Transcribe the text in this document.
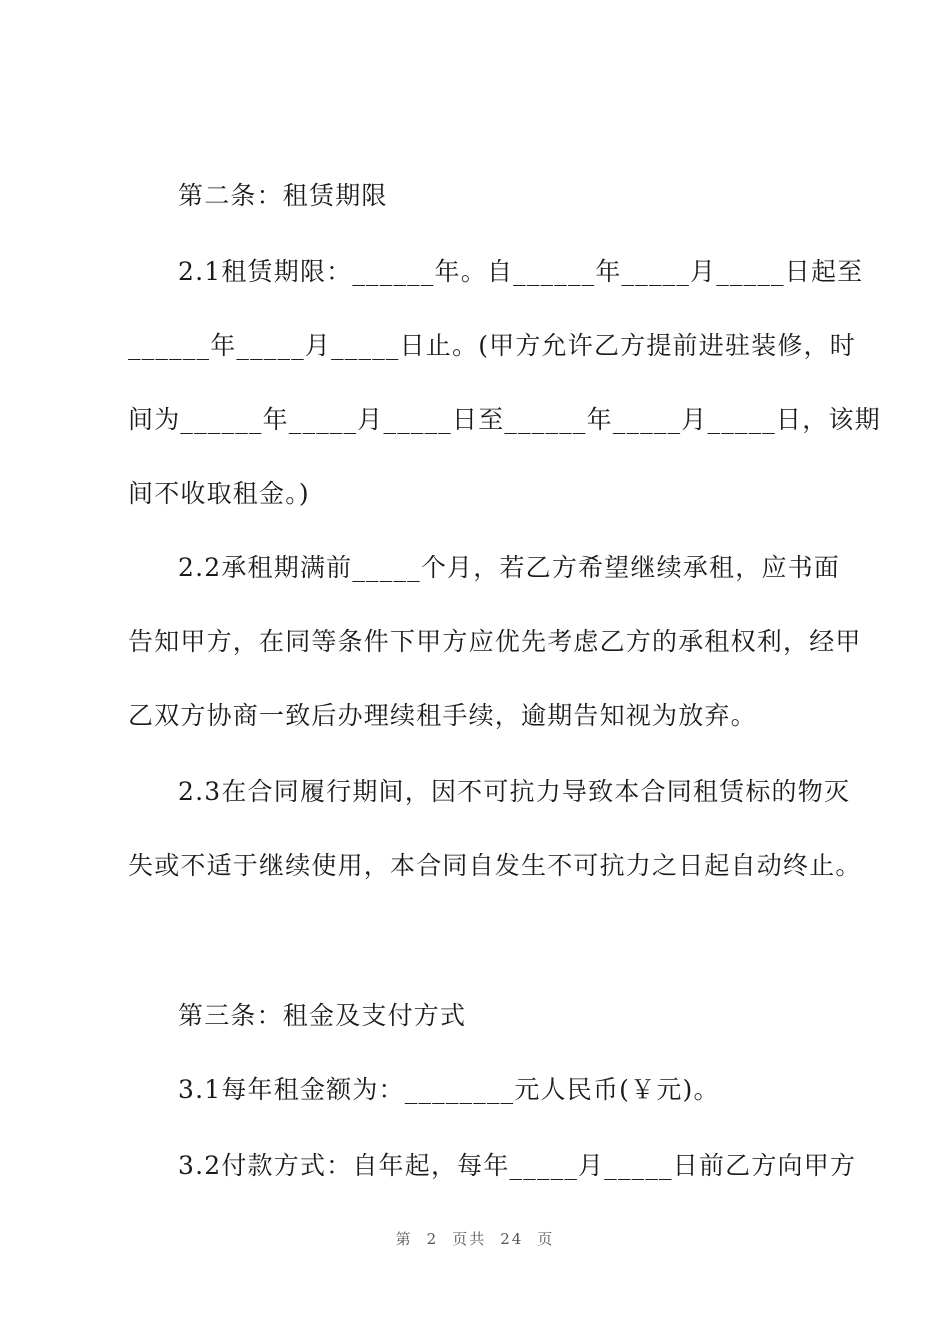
第二条：租赁期限
2.1租赁期限：______年。自______年_____月_____日起至
______年_____月_____日止。(甲方允许乙方提前进驻装修，时
间为______年_____月_____日至______年_____月_____日，该期
间不收取租金。)
2.2承租期满前_____个月，若乙方希望继续承租，应书面
告知甲方，在同等条件下甲方应优先考虑乙方的承租权利，经甲
乙双方协商一致后办理续租手续，逾期告知视为放弃。
2.3在合同履行期间，因不可抗力导致本合同租赁标的物灭
失或不适于继续使用，本合同自发生不可抗力之日起自动终止。
第三条：租金及支付方式
3.1每年租金额为：________元人民币(￥元)。
3.2付款方式：自年起，每年_____月_____日前乙方向甲方
第 2 页共 24 页
